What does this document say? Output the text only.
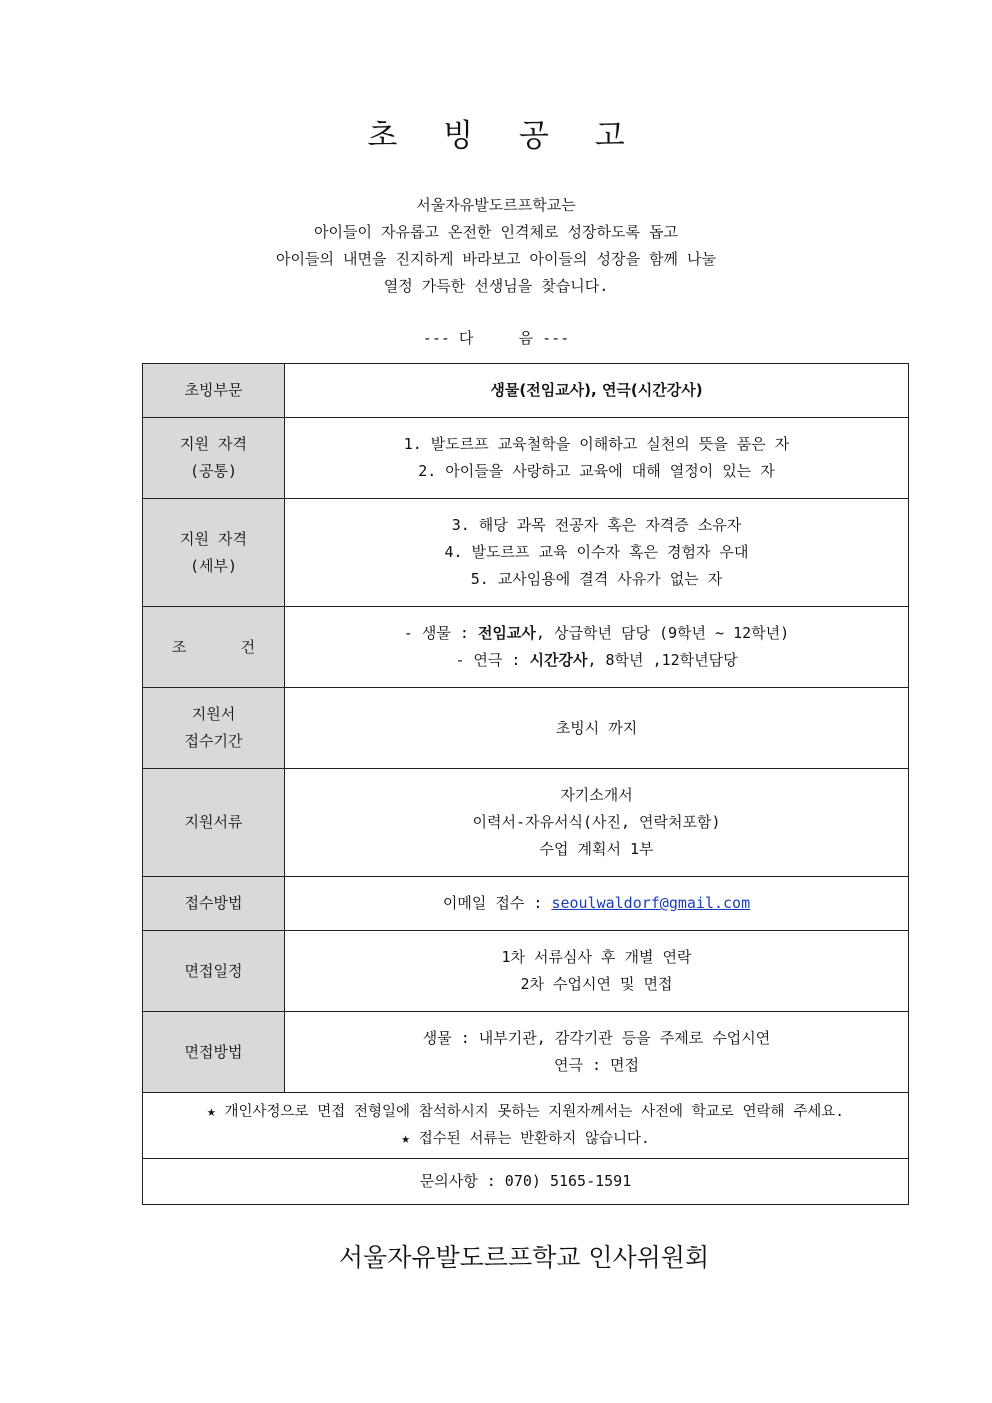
초 빙 공 고
서울자유발도르프학교는
아이들이 자유롭고 온전한 인격체로 성장하도록 돕고
아이들의 내면을 진지하게 바라보고 아이들의 성장을 함께 나눌
열정 가득한 선생님을 찾습니다.
--- 다     음 ---
초빙부문	생물(전임교사), 연극(시간강사)

지원 자격
(공통)	1. 발도르프 교육철학을 이해하고 실천의 뜻을 품은 자
2. 아이들을 사랑하고 교육에 대해 열정이 있는 자

지원 자격
(세부)	3. 해당 과목 전공자 혹은 자격증 소유자
4. 발도르프 교육 이수자 혹은 경험자 우대
5. 교사임용에 결격 사유가 없는 자

조      건	- 생물 : 전임교사, 상급학년 담당 (9학년 ~ 12학년)
- 연극 : 시간강사, 8학년 ,12학년담당

지원서
접수기간	초빙시 까지
지원서류	자기소개서
이력서-자유서식(사진, 연락처포함)
수업 계획서 1부

접수방법	이메일 접수 : seoulwaldorf@gmail.com
면접일정	1차 서류심사 후 개별 연락
2차 수업시연 및 면접

면접방법	생물 : 내부기관, 감각기관 등을 주제로 수업시연
연극 : 면접

★ 개인사정으로 면접 전형일에 참석하시지 못하는 지원자께서는 사전에 학교로 연락해 주세요.
★ 접수된 서류는 반환하지 않습니다.	

문의사항 : 070) 5165-1591	
서울자유발도르프학교 인사위원회
